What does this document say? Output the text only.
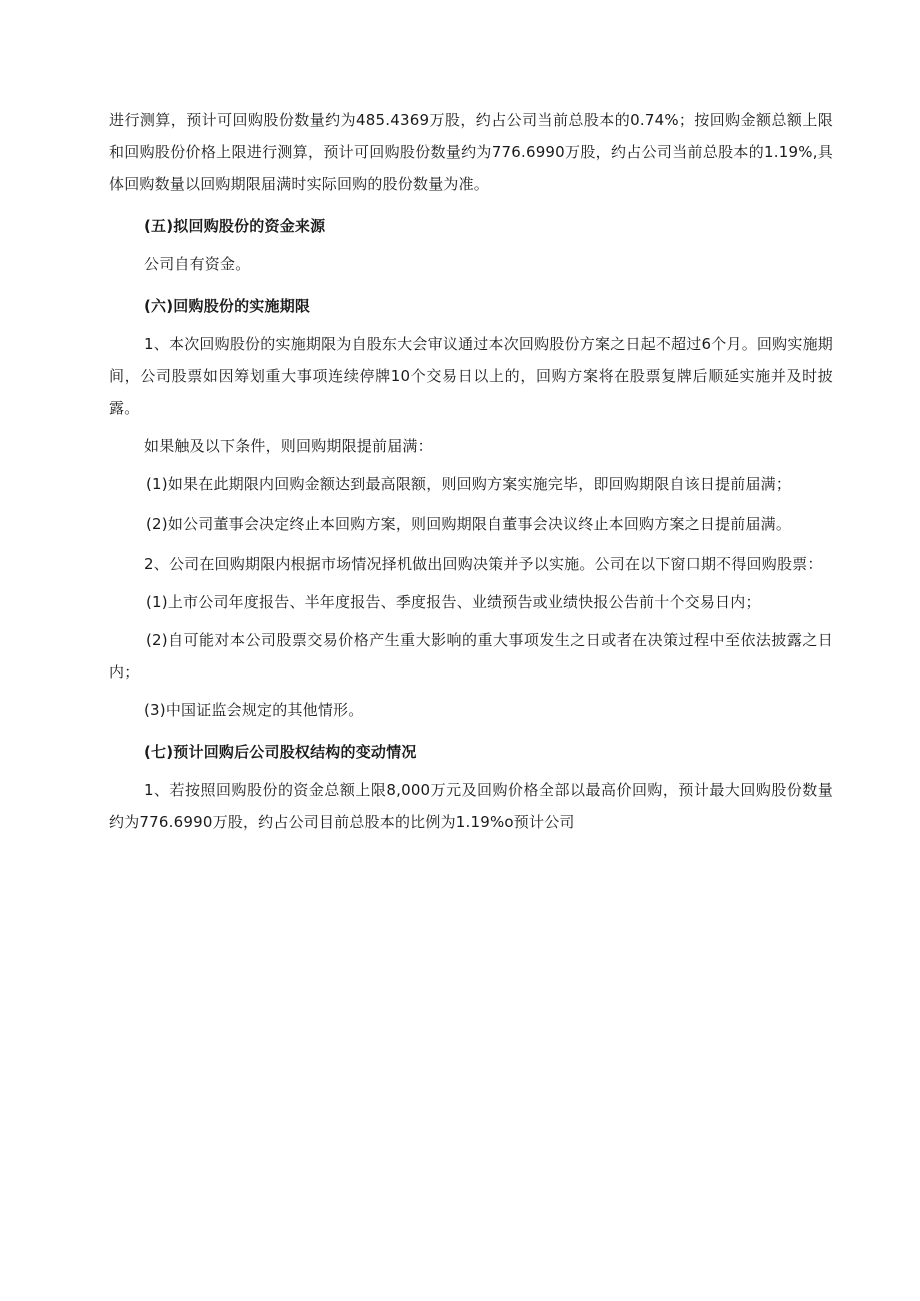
进行测算，预计可回购股份数量约为485.4369万股，约占公司当前总股本的0.74%；按回购金额总额上限和回购股份价格上限进行测算，预计可回购股份数量约为776.6990万股，约占公司当前总股本的1.19%,具体回购数量以回购期限届满时实际回购的股份数量为准。

(五)拟回购股份的资金来源

公司自有资金。

(六)回购股份的实施期限

1、本次回购股份的实施期限为自股东大会审议通过本次回购股份方案之日起不超过6个月。回购实施期间，公司股票如因筹划重大事项连续停牌10个交易日以上的，回购方案将在股票复牌后顺延实施并及时披露。

如果触及以下条件，则回购期限提前届满：

(1)如果在此期限内回购金额达到最高限额，则回购方案实施完毕，即回购期限自该日提前届满；

(2)如公司董事会决定终止本回购方案，则回购期限自董事会决议终止本回购方案之日提前届满。

2、公司在回购期限内根据市场情况择机做出回购决策并予以实施。公司在以下窗口期不得回购股票：

(1)上市公司年度报告、半年度报告、季度报告、业绩预告或业绩快报公告前十个交易日内；

(2)自可能对本公司股票交易价格产生重大影响的重大事项发生之日或者在决策过程中至依法披露之日内；

(3)中国证监会规定的其他情形。

(七)预计回购后公司股权结构的变动情况

1、若按照回购股份的资金总额上限8,000万元及回购价格全部以最高价回购，预计最大回购股份数量约为776.6990万股，约占公司目前总股本的比例为1.19%o预计公司
